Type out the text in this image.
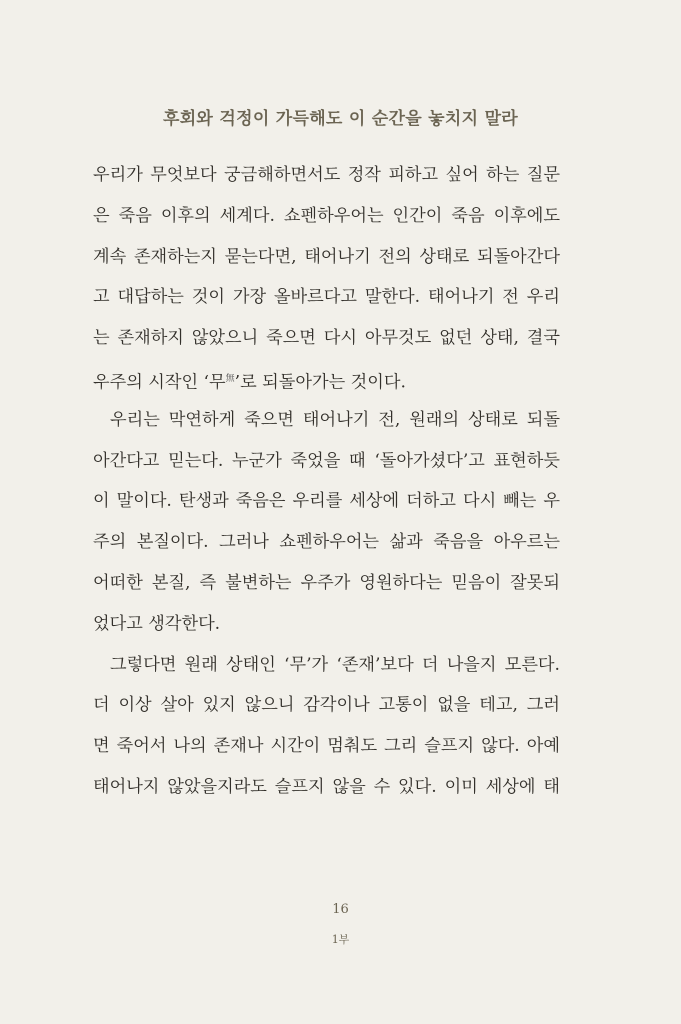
후회와 걱정이 가득해도 이 순간을 놓치지 말라
우리가 무엇보다 궁금해하면서도 정작 피하고 싶어 하는 질문
은 죽음 이후의 세계다. 쇼펜하우어는 인간이 죽음 이후에도
계속 존재하는지 묻는다면, 태어나기 전의 상태로 되돌아간다
고 대답하는 것이 가장 올바르다고 말한다. 태어나기 전 우리
는 존재하지 않았으니 죽으면 다시 아무것도 없던 상태, 결국
우주의 시작인 ‘무$^無$’로 되돌아가는 것이다.
우리는 막연하게 죽으면 태어나기 전, 원래의 상태로 되돌
아간다고 믿는다. 누군가 죽었을 때 ‘돌아가셨다’고 표현하듯
이 말이다. 탄생과 죽음은 우리를 세상에 더하고 다시 빼는 우
주의 본질이다. 그러나 쇼펜하우어는 삶과 죽음을 아우르는
어떠한 본질, 즉 불변하는 우주가 영원하다는 믿음이 잘못되
었다고 생각한다.
그렇다면 원래 상태인 ‘무’가 ‘존재’보다 더 나을지 모른다.
더 이상 살아 있지 않으니 감각이나 고통이 없을 테고, 그러
면 죽어서 나의 존재나 시간이 멈춰도 그리 슬프지 않다. 아예
태어나지 않았을지라도 슬프지 않을 수 있다. 이미 세상에 태
16
1부
